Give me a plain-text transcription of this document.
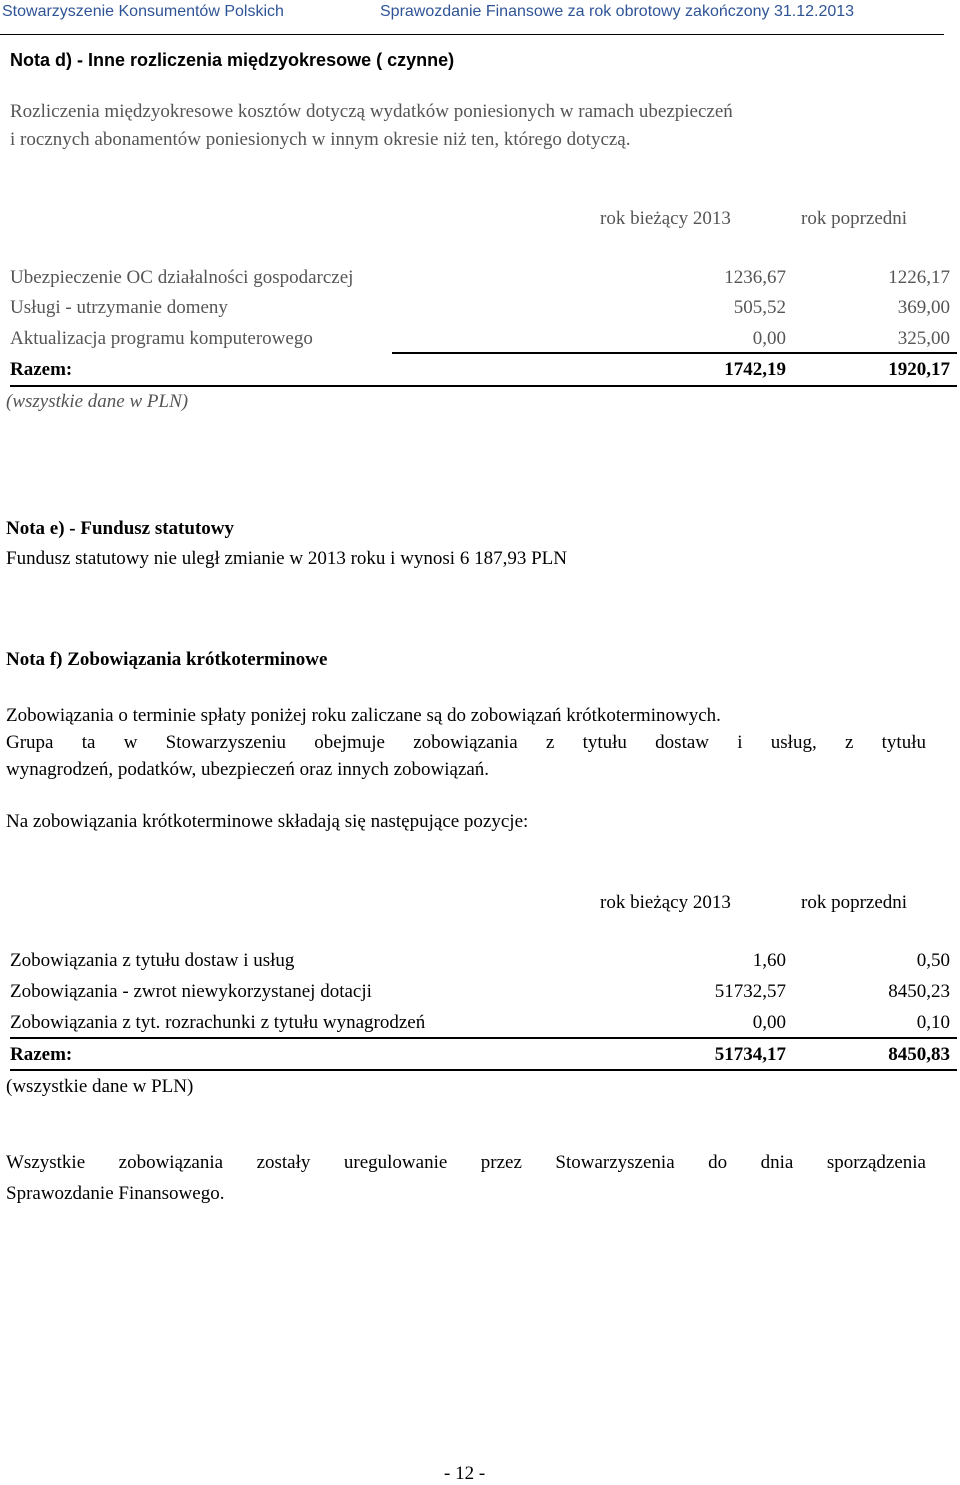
Stowarzyszenie Konsumentów Polskich	Sprawozdanie Finansowe za rok obrotowy zakończony 31.12.2013
Nota d) - Inne rozliczenia międzyokresowe ( czynne)
Rozliczenia międzyokresowe kosztów dotyczą wydatków poniesionych w ramach ubezpieczeń
i rocznych abonamentów poniesionych w innym okresie niż ten, którego dotyczą.
rok bieżący 2013	rok poprzedni
Ubezpieczenie OC działalności gospodarczej	1236,67	1226,17
Usługi - utrzymanie domeny	505,52	369,00
Aktualizacja programu komputerowego	0,00	325,00
Razem:	1742,19	1920,17
(wszystkie dane w PLN)
Nota e) - Fundusz statutowy
Fundusz statutowy nie uległ zmianie w 2013 roku i wynosi 6 187,93 PLN
Nota f) Zobowiązania krótkoterminowe
Zobowiązania o terminie spłaty poniżej roku zaliczane są do zobowiązań krótkoterminowych.
Grupa ta w Stowarzyszeniu obejmuje zobowiązania z tytułu dostaw i usług, z tytułu
wynagrodzeń, podatków, ubezpieczeń oraz innych zobowiązań.
Na zobowiązania krótkoterminowe składają się następujące pozycje:
rok bieżący 2013	rok poprzedni
Zobowiązania z tytułu dostaw i usług	1,60	0,50
Zobowiązania - zwrot niewykorzystanej dotacji	51732,57	8450,23
Zobowiązania z tyt. rozrachunki z tytułu wynagrodzeń	0,00	0,10
Razem:	51734,17	8450,83
(wszystkie dane w PLN)
Wszystkie zobowiązania zostały uregulowanie przez Stowarzyszenia do dnia sporządzenia
Sprawozdanie Finansowego.
- 12 -
